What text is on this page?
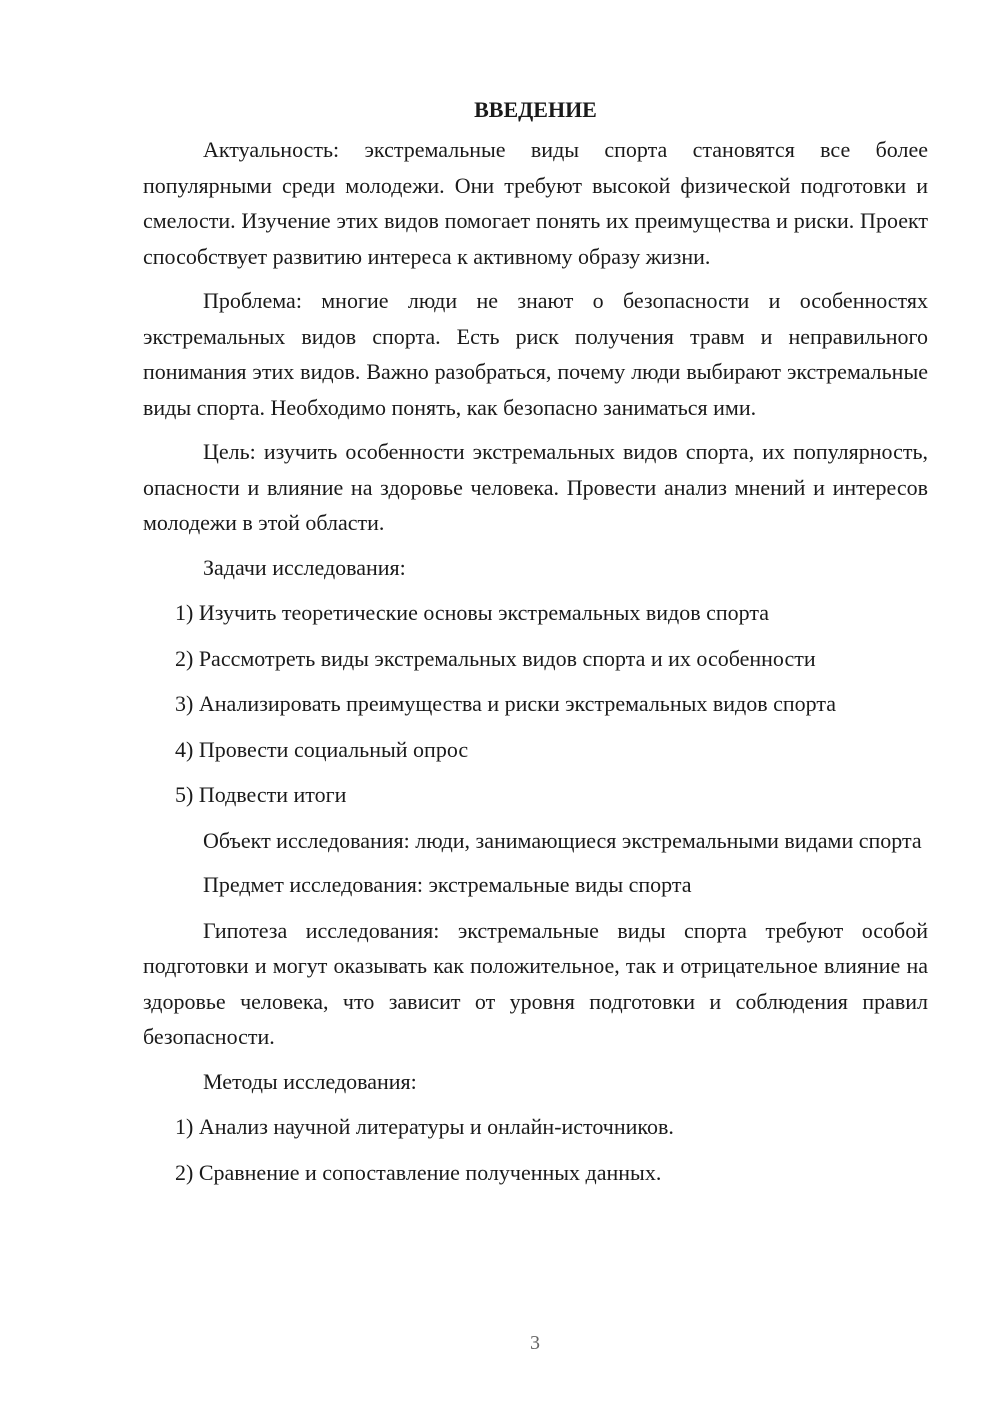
ВВЕДЕНИЕ

Актуальность: экстремальные виды спорта становятся все более популярными среди молодежи. Они требуют высокой физической подготовки и смелости. Изучение этих видов помогает понять их преимущества и риски. Проект способствует развитию интереса к активному образу жизни.

Проблема: многие люди не знают о безопасности и особенностях экстремальных видов спорта. Есть риск получения травм и неправильного понимания этих видов. Важно разобраться, почему люди выбирают экстремальные виды спорта. Необходимо понять, как безопасно заниматься ими.

Цель: изучить особенности экстремальных видов спорта, их популярность, опасности и влияние на здоровье человека. Провести анализ мнений и интересов молодежи в этой области.

Задачи исследования:

1) Изучить теоретические основы экстремальных видов спорта

2) Рассмотреть виды экстремальных видов спорта и их особенности

3) Анализировать преимущества и риски экстремальных видов спорта

4) Провести социальный опрос

5) Подвести итоги

Объект исследования: люди, занимающиеся экстремальными видами спорта

Предмет исследования: экстремальные виды спорта

Гипотеза исследования: экстремальные виды спорта требуют особой подготовки и могут оказывать как положительное, так и отрицательное влияние на здоровье человека, что зависит от уровня подготовки и соблюдения правил безопасности.

Методы исследования:

1) Анализ научной литературы и онлайн-источников.

2) Сравнение и сопоставление полученных данных.

3
